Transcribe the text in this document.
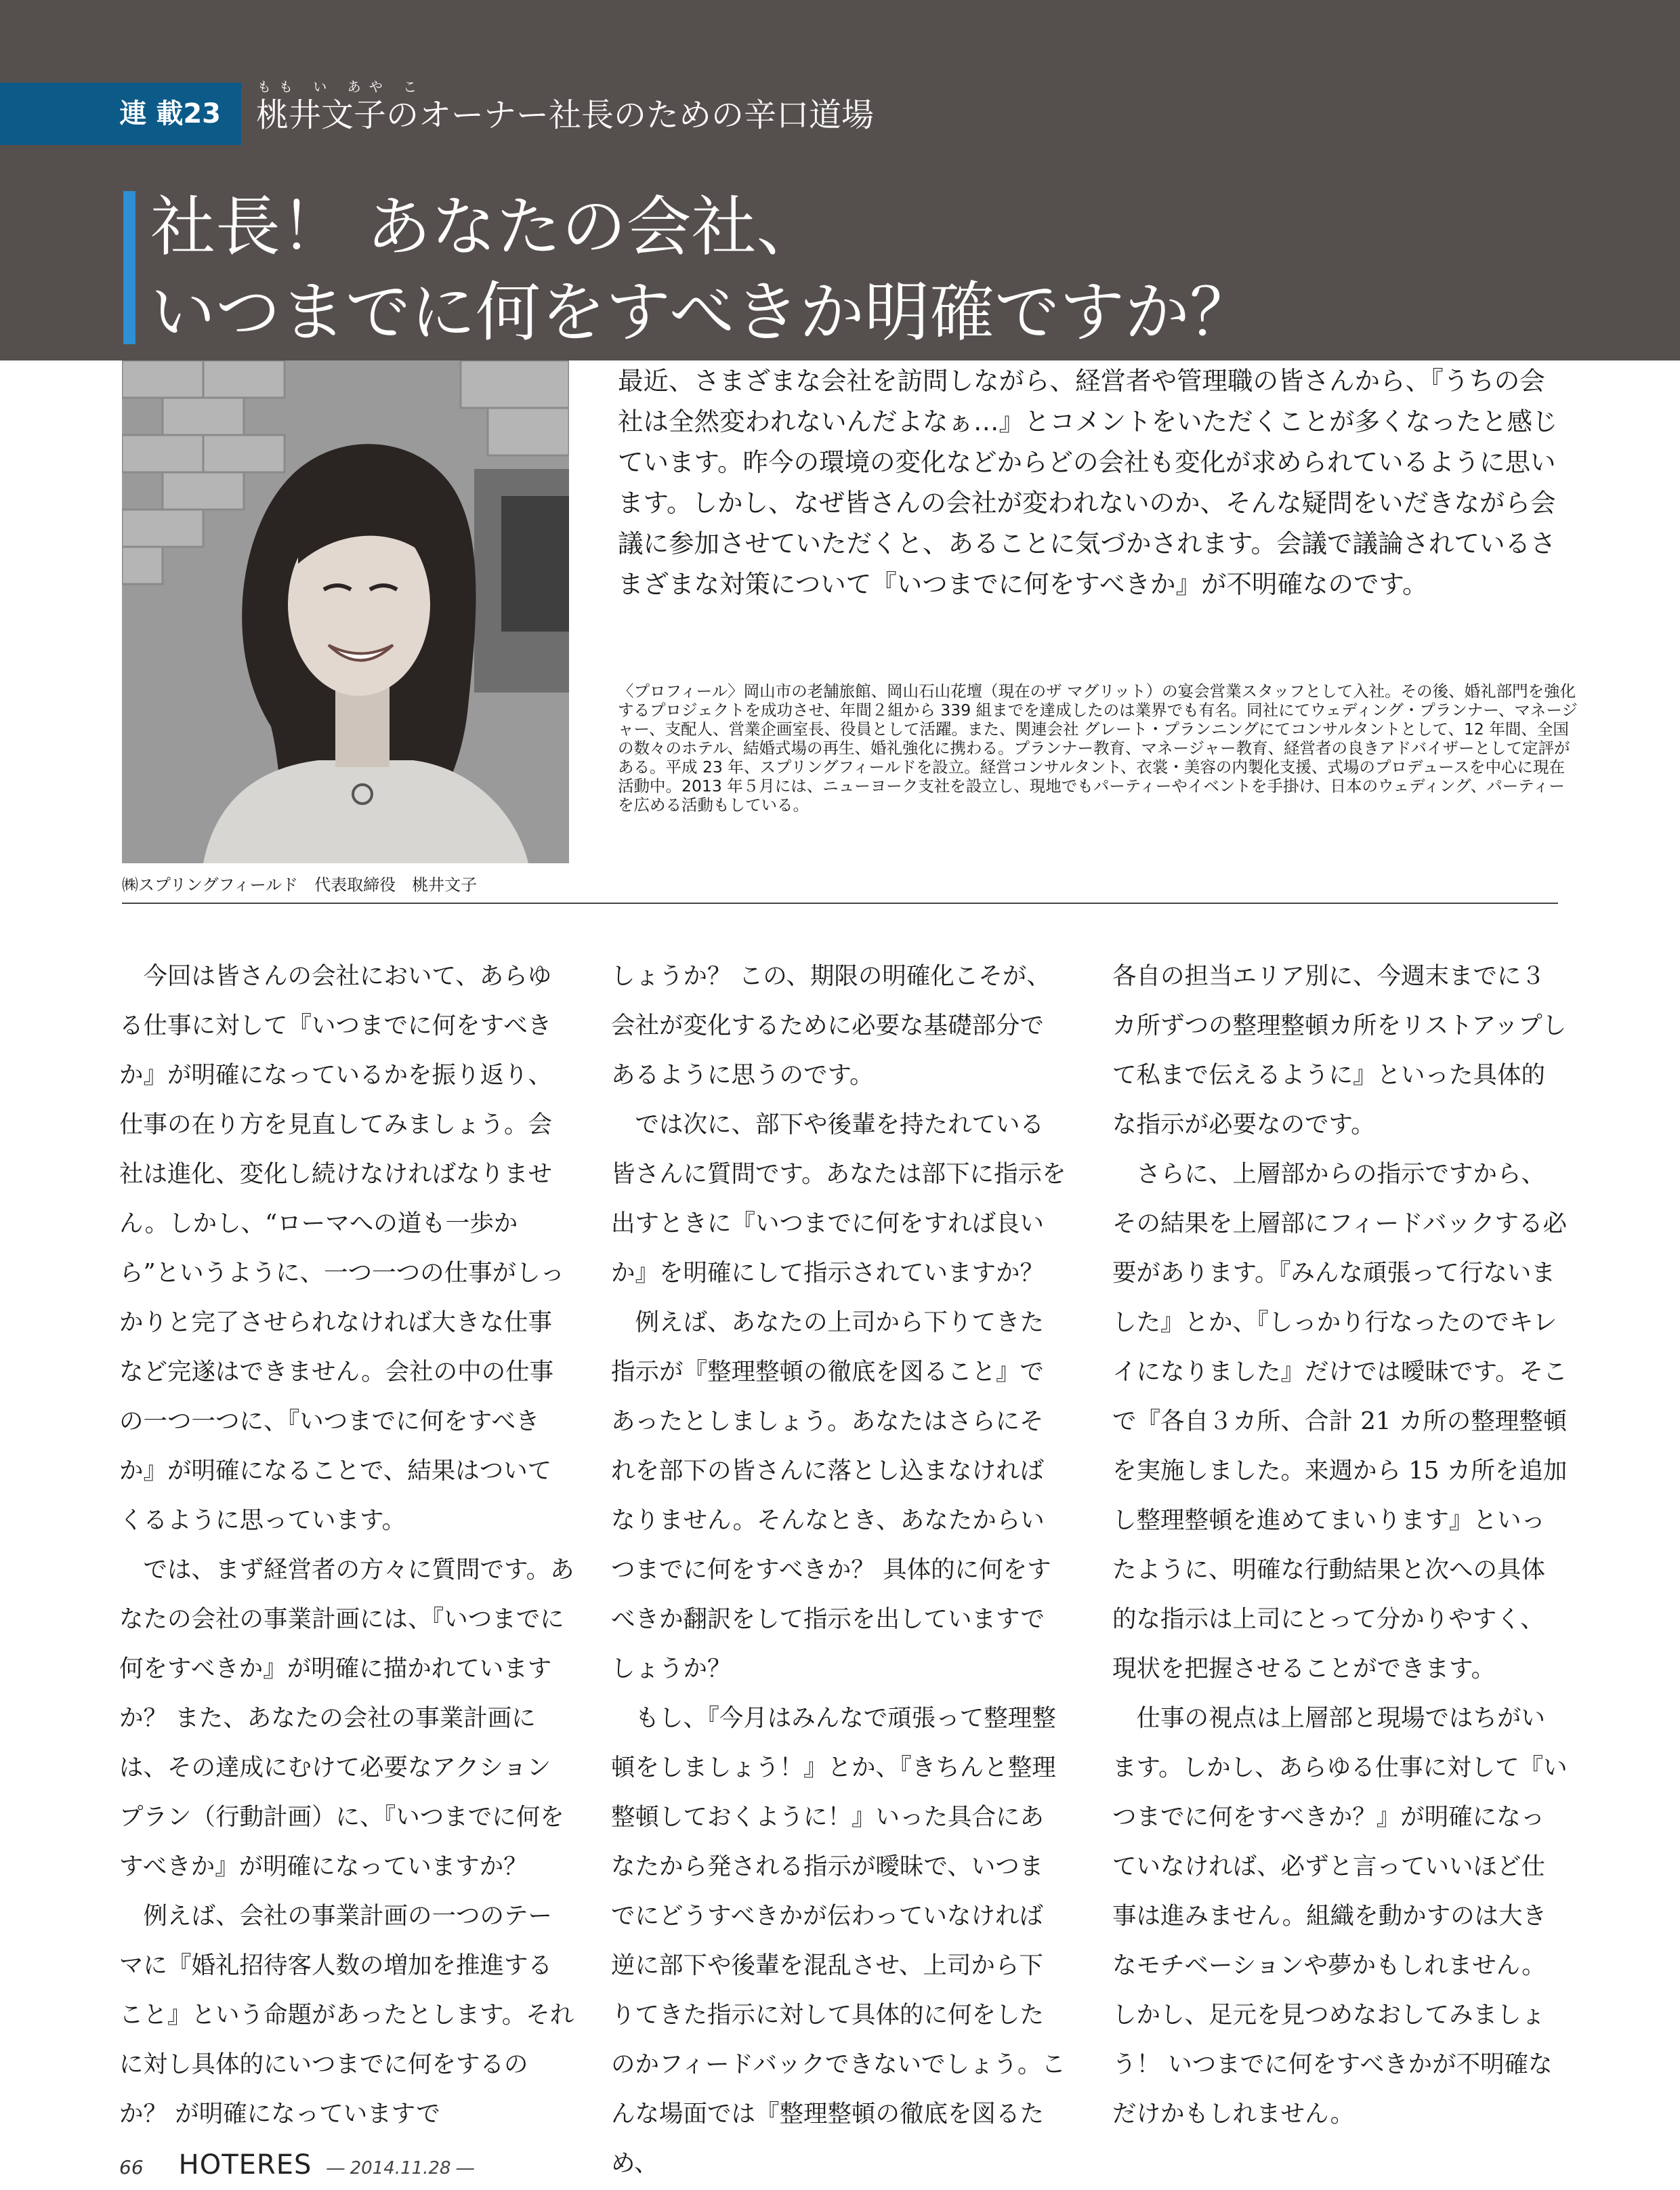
連 載23
もも い あや こ
桃井文子のオーナー社長のための辛口道場
社長！ あなたの会社、
いつまでに何をすべきか明確ですか？
㈱スプリングフィールド　代表取締役　桃井文子

最近、さまざまな会社を訪問しながら、経営者や管理職の皆さんから、『うちの会社は全然変われないんだよなぁ…』とコメントをいただくことが多くなったと感じています。昨今の環境の変化などからどの会社も変化が求められているように思います。しかし、なぜ皆さんの会社が変われないのか、そんな疑問をいだきながら会議に参加させていただくと、あることに気づかされます。会議で議論されているさまざまな対策について『いつまでに何をすべきか』が不明確なのです。

〈プロフィール〉岡山市の老舗旅館、岡山石山花壇（現在のザ マグリット）の宴会営業スタッフとして入社。その後、婚礼部門を強化するプロジェクトを成功させ、年間２組から 339 組までを達成したのは業界でも有名。同社にてウェディング・プランナー、マネージャー、支配人、営業企画室長、役員として活躍。また、関連会社 グレート・プランニングにてコンサルタントとして、12 年間、全国の数々のホテル、結婚式場の再生、婚礼強化に携わる。プランナー教育、マネージャー教育、経営者の良きアドバイザーとして定評がある。平成 23 年、スプリングフィールドを設立。経営コンサルタント、衣裳・美容の内製化支援、式場のプロデュースを中心に現在活動中。2013 年５月には、ニューヨーク支社を設立し、現地でもパーティーやイベントを手掛け、日本のウェディング、パーティーを広める活動もしている。

今回は皆さんの会社において、あらゆる仕事に対して『いつまでに何をすべきか』が明確になっているかを振り返り、仕事の在り方を見直してみましょう。会社は進化、変化し続けなければなりません。しかし、“ローマへの道も一歩から”というように、一つ一つの仕事がしっかりと完了させられなければ大きな仕事など完遂はできません。会社の中の仕事の一つ一つに、『いつまでに何をすべきか』が明確になることで、結果はついてくるように思っています。

では、まず経営者の方々に質問です。あなたの会社の事業計画には、『いつまでに何をすべきか』が明確に描かれていますか？ また、あなたの会社の事業計画には、その達成にむけて必要なアクションプラン（行動計画）に、『いつまでに何をすべきか』が明確になっていますか？

例えば、会社の事業計画の一つのテーマに『婚礼招待客人数の増加を推進すること』という命題があったとします。それに対し具体的にいつまでに何をするのか？ が明確になっていますで

しょうか？ この、期限の明確化こそが、会社が変化するために必要な基礎部分であるように思うのです。

では次に、部下や後輩を持たれている皆さんに質問です。あなたは部下に指示を出すときに『いつまでに何をすれば良いか』を明確にして指示されていますか？

例えば、あなたの上司から下りてきた指示が『整理整頓の徹底を図ること』であったとしましょう。あなたはさらにそれを部下の皆さんに落とし込まなければなりません。そんなとき、あなたからいつまでに何をすべきか？ 具体的に何をすべきか翻訳をして指示を出していますでしょうか？

もし、『今月はみんなで頑張って整理整頓をしましょう！』とか、『きちんと整理整頓しておくように！』いった具合にあなたから発される指示が曖昧で、いつまでにどうすべきかが伝わっていなければ逆に部下や後輩を混乱させ、上司から下りてきた指示に対して具体的に何をしたのかフィードバックできないでしょう。こんな場面では『整理整頓の徹底を図るため、

各自の担当エリア別に、今週末までに３カ所ずつの整理整頓カ所をリストアップして私まで伝えるように』といった具体的な指示が必要なのです。

さらに、上層部からの指示ですから、その結果を上層部にフィードバックする必要があります。『みんな頑張って行ないました』とか、『しっかり行なったのでキレイになりました』だけでは曖昧です。そこで『各自３カ所、合計 21 カ所の整理整頓を実施しました。来週から 15 カ所を追加し整理整頓を進めてまいります』といったように、明確な行動結果と次への具体的な指示は上司にとって分かりやすく、現状を把握させることができます。

仕事の視点は上層部と現場ではちがいます。しかし、あらゆる仕事に対して『いつまでに何をすべきか？』が明確になっていなければ、必ずと言っていいほど仕事は進みません。組織を動かすのは大きなモチベーションや夢かもしれません。しかし、足元を見つめなおしてみましょう！ いつまでに何をすべきかが不明確なだけかもしれません。

66 HOTERES ― 2014.11.28 ―
